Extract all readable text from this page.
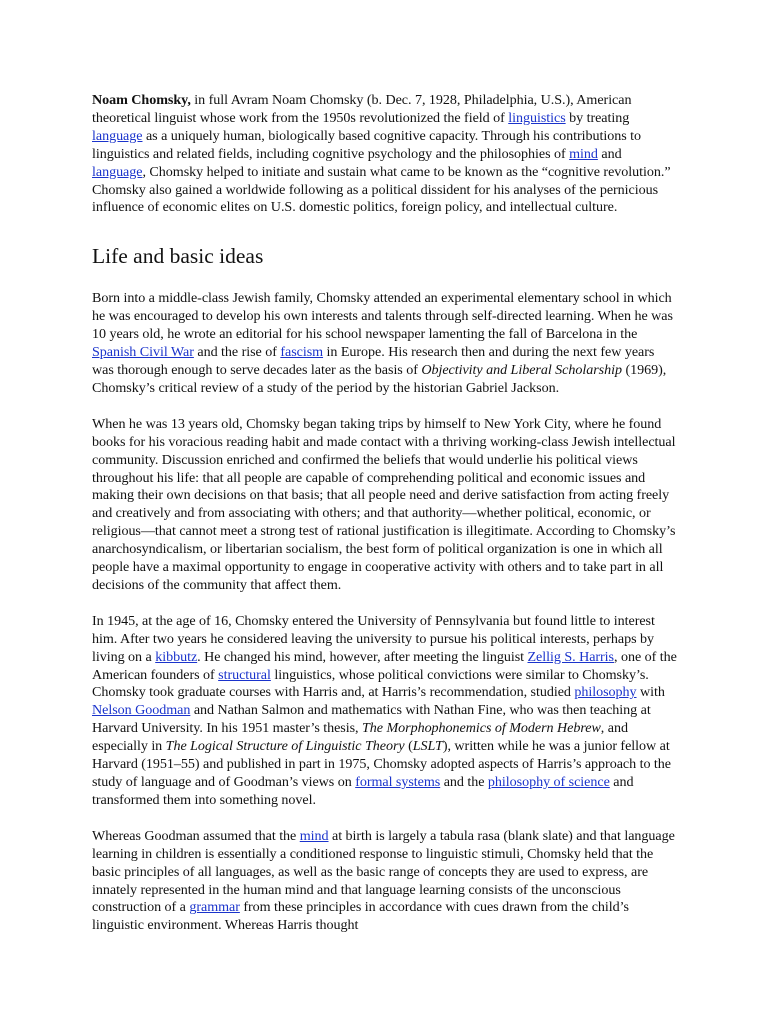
Noam Chomsky, in full Avram Noam Chomsky (b. Dec. 7, 1928, Philadelphia, U.S.), American theoretical linguist whose work from the 1950s revolutionized the field of linguistics by treating language as a uniquely human, biologically based cognitive capacity. Through his contributions to linguistics and related fields, including cognitive psychology and the philosophies of mind and language, Chomsky helped to initiate and sustain what came to be known as the “cognitive revolution.” Chomsky also gained a worldwide following as a political dissident for his analyses of the pernicious influence of economic elites on U.S. domestic politics, foreign policy, and intellectual culture.

Life and basic ideas

Born into a middle-class Jewish family, Chomsky attended an experimental elementary school in which he was encouraged to develop his own interests and talents through self-directed learning. When he was 10 years old, he wrote an editorial for his school newspaper lamenting the fall of Barcelona in the Spanish Civil War and the rise of fascism in Europe. His research then and during the next few years was thorough enough to serve decades later as the basis of Objectivity and Liberal Scholarship (1969), Chomsky’s critical review of a study of the period by the historian Gabriel Jackson.

When he was 13 years old, Chomsky began taking trips by himself to New York City, where he found books for his voracious reading habit and made contact with a thriving working-class Jewish intellectual community. Discussion enriched and confirmed the beliefs that would underlie his political views throughout his life: that all people are capable of comprehending political and economic issues and making their own decisions on that basis; that all people need and derive satisfaction from acting freely and creatively and from associating with others; and that authority—whether political, economic, or religious—that cannot meet a strong test of rational justification is illegitimate. According to Chomsky’s anarchosyndicalism, or libertarian socialism, the best form of political organization is one in which all people have a maximal opportunity to engage in cooperative activity with others and to take part in all decisions of the community that affect them.

In 1945, at the age of 16, Chomsky entered the University of Pennsylvania but found little to interest him. After two years he considered leaving the university to pursue his political interests, perhaps by living on a kibbutz. He changed his mind, however, after meeting the linguist Zellig S. Harris, one of the American founders of structural linguistics, whose political convictions were similar to Chomsky’s. Chomsky took graduate courses with Harris and, at Harris’s recommendation, studied philosophy with Nelson Goodman and Nathan Salmon and mathematics with Nathan Fine, who was then teaching at Harvard University. In his 1951 master’s thesis, The Morphophonemics of Modern Hebrew, and especially in The Logical Structure of Linguistic Theory (LSLT), written while he was a junior fellow at Harvard (1951–55) and published in part in 1975, Chomsky adopted aspects of Harris’s approach to the study of language and of Goodman’s views on formal systems and the philosophy of science and transformed them into something novel.

Whereas Goodman assumed that the mind at birth is largely a tabula rasa (blank slate) and that language learning in children is essentially a conditioned response to linguistic stimuli, Chomsky held that the basic principles of all languages, as well as the basic range of concepts they are used to express, are innately represented in the human mind and that language learning consists of the unconscious construction of a grammar from these principles in accordance with cues drawn from the child’s linguistic environment. Whereas Harris thought
